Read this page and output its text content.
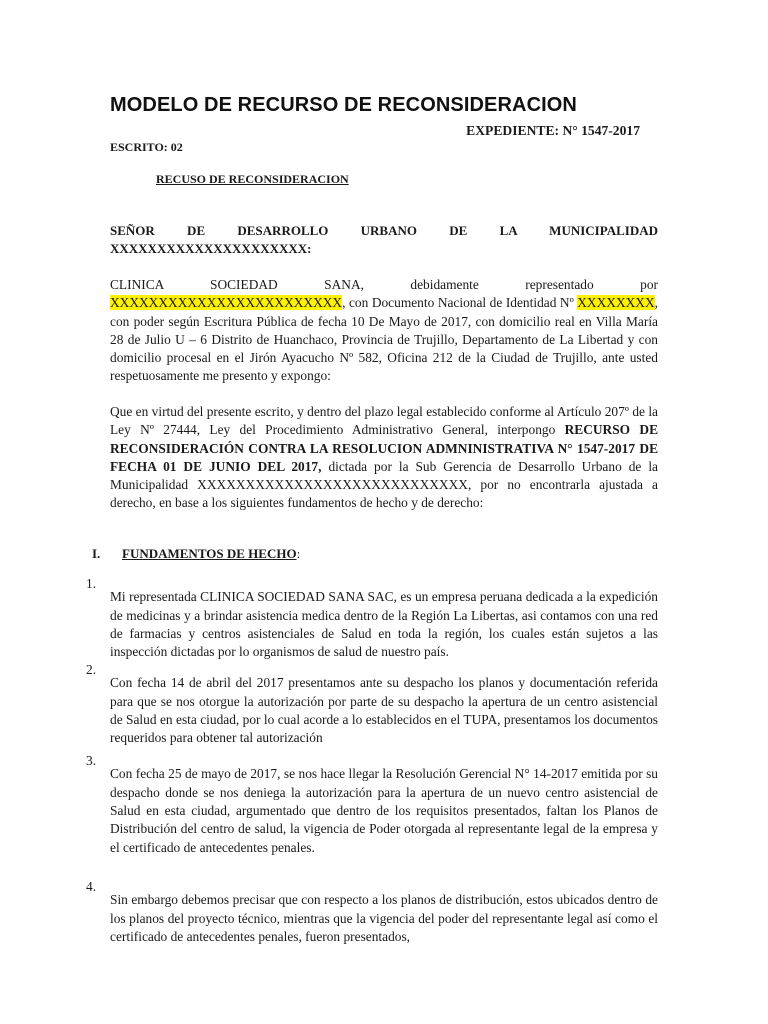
MODELO DE RECURSO DE RECONSIDERACION
EXPEDIENTE: N° 1547-2017
ESCRITO: 02
RECUSO DE RECONSIDERACION

SEÑOR DE DESARROLLO URBANO DE LA MUNICIPALIDAD XXXXXXXXXXXXXXXXXXXXX:

CLINICA SOCIEDAD SANA, debidamente representado por XXXXXXXXXXXXXXXXXXXXXXXX, con Documento Nacional de Identidad Nº XXXXXXXX, con poder según Escritura Pública de fecha 10 De Mayo de 2017, con domicilio real en Villa María 28 de Julio U – 6 Distrito de Huanchaco, Provincia de Trujillo, Departamento de La Libertad y con domicilio procesal en el Jirón Ayacucho Nº 582, Oficina 212 de la Ciudad de Trujillo, ante usted respetuosamente me presento y expongo:

Que en virtud del presente escrito, y dentro del plazo legal establecido conforme al Artículo 207º de la Ley Nº 27444, Ley del Procedimiento Administrativo General, interpongo RECURSO DE RECONSIDERACIÓN CONTRA LA RESOLUCION ADMNINISTRATIVA N° 1547-2017 DE FECHA 01 DE JUNIO DEL 2017, dictada por la Sub Gerencia de Desarrollo Urbano de la Municipalidad XXXXXXXXXXXXXXXXXXXXXXXXXXXX, por no encontrarla ajustada a derecho, en base a los siguientes fundamentos de hecho y de derecho:

I. FUNDAMENTOS DE HECHO:
1.

Mi representada CLINICA SOCIEDAD SANA SAC, es un empresa peruana dedicada a la expedición de medicinas y a brindar asistencia medica dentro de la Región La Libertas, asi contamos con una red de farmacias y centros asistenciales de Salud en toda la región, los cuales están sujetos a las inspección dictadas por lo organismos de salud de nuestro país.

2.

Con fecha 14 de abril del 2017 presentamos ante su despacho los planos y documentación referida para que se nos otorgue la autorización por parte de su despacho la apertura de un centro asistencial de Salud en esta ciudad, por lo cual acorde a lo establecidos en el TUPA, presentamos los documentos requeridos para obtener tal autorización

3.

Con fecha 25 de mayo de 2017, se nos hace llegar la Resolución Gerencial N° 14-2017 emitida por su despacho donde se nos deniega la autorización para la apertura de un nuevo centro asistencial de Salud en esta ciudad, argumentado que dentro de los requisitos presentados, faltan los Planos de Distribución del centro de salud, la vigencia de Poder otorgada al representante legal de la empresa y el certificado de antecedentes penales.

4.

Sin embargo debemos precisar que con respecto a los planos de distribución, estos ubicados dentro de los planos del proyecto técnico, mientras que la vigencia del poder del representante legal así como el certificado de antecedentes penales, fueron presentados,
